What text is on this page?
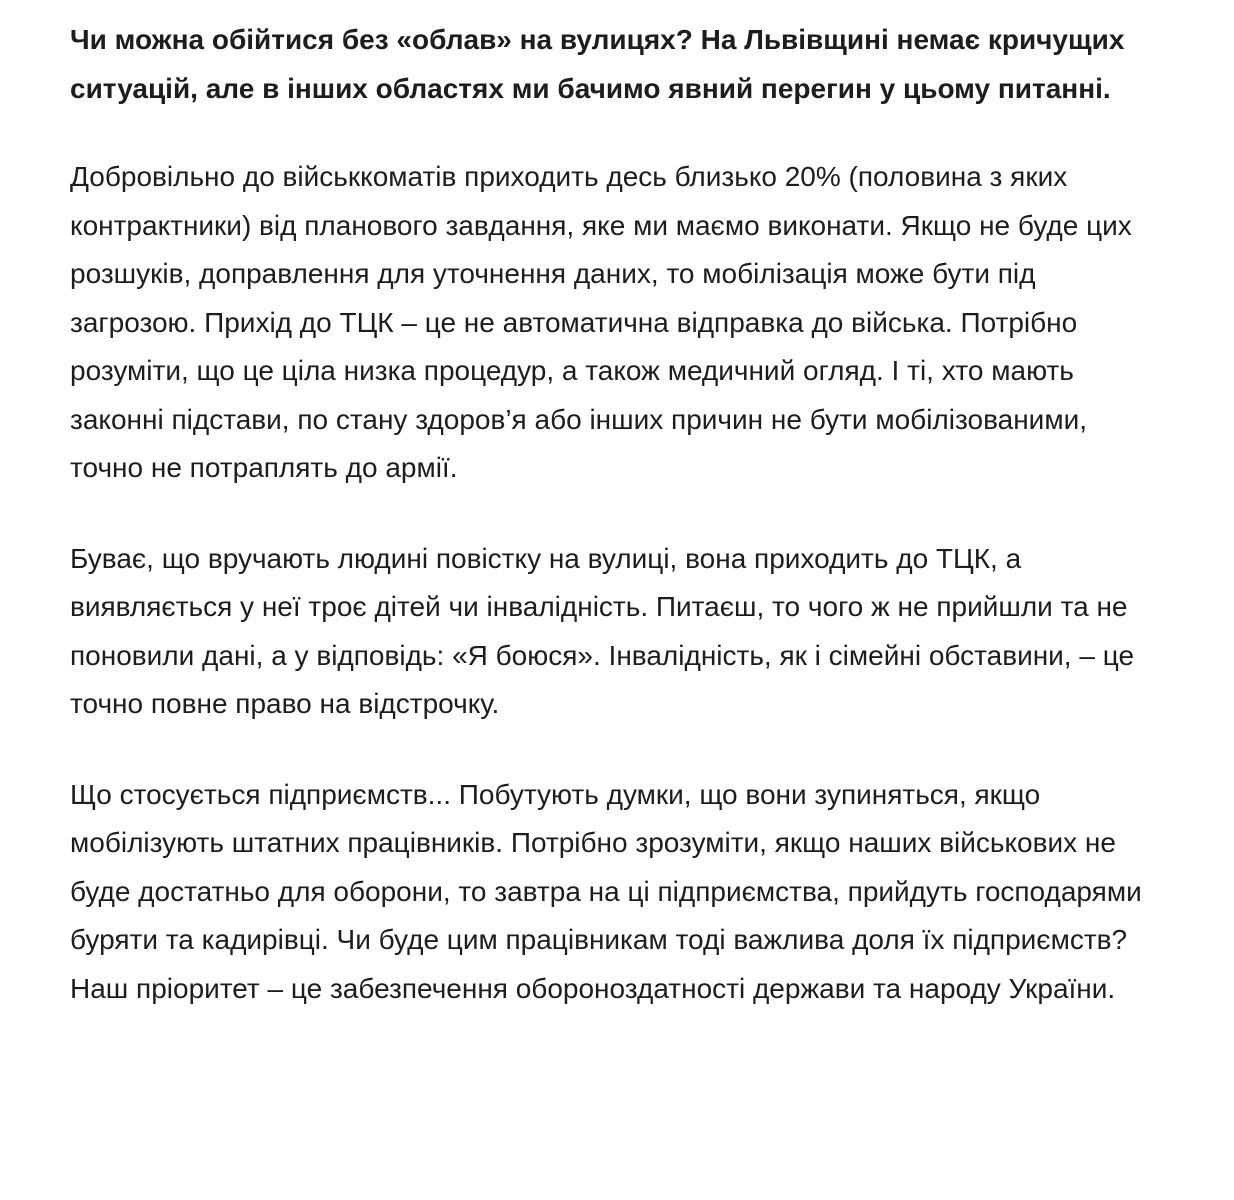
Чи можна обійтися без «облав» на вулицях? На Львівщині немає кричущих ситуацій, але в інших областях ми бачимо явний перегин у цьому питанні.

Добровільно до військкоматів приходить десь близько 20% (половина з яких контрактники) від планового завдання, яке ми маємо виконати. Якщо не буде цих розшуків, доправлення для уточнення даних, то мобілізація може бути під загрозою. Прихід до ТЦК – це не автоматична відправка до війська. Потрібно розуміти, що це ціла низка процедур, а також медичний огляд. І ті, хто мають законні підстави, по стану здоров’я або інших причин не бути мобілізованими, точно не потраплять до армії.

Буває, що вручають людині повістку на вулиці, вона приходить до ТЦК, а виявляється у неї троє дітей чи інвалідність. Питаєш, то чого ж не прийшли та не поновили дані, а у відповідь: «Я боюся». Інвалідність, як і сімейні обставини, – це точно повне право на відстрочку.

Що стосується підприємств... Побутують думки, що вони зупиняться, якщо мобілізують штатних працівників. Потрібно зрозуміти, якщо наших військових не буде достатньо для оборони, то завтра на ці підприємства, прийдуть господарями буряти та кадирівці. Чи буде цим працівникам тоді важлива доля їх підприємств? Наш пріоритет – це забезпечення обороноздатності держави та народу України.
